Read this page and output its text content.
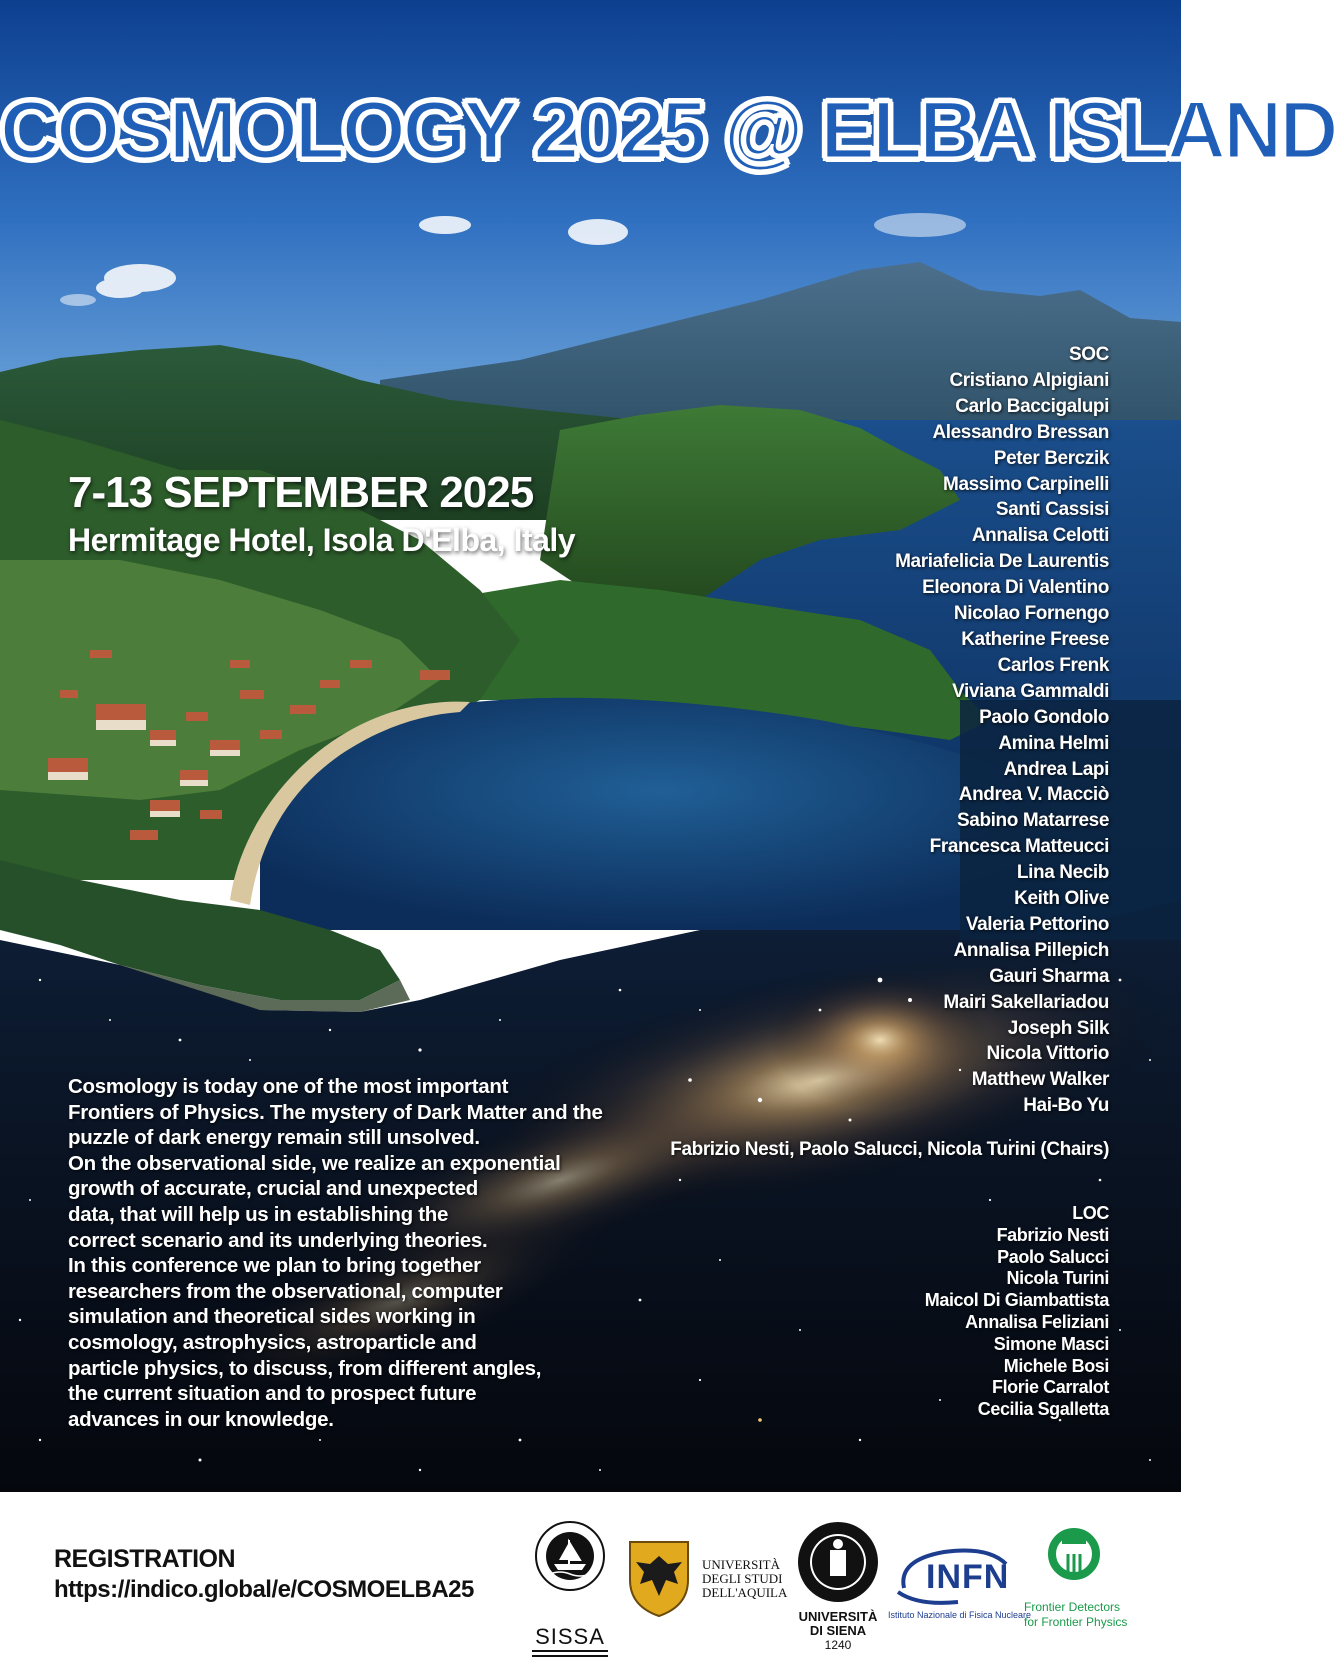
COSMOLOGY 2025 @ ELBA ISLAND
7-13 SEPTEMBER 2025
Hermitage Hotel, Isola D'Elba, Italy
Cosmology is today one of the most important
Frontiers of Physics. The mystery of Dark Matter and the
puzzle of dark energy remain still unsolved.
On the observational side, we realize an exponential
growth of accurate, crucial and unexpected
data, that will help us in establishing the
correct scenario and its underlying theories.
In this conference we plan to bring together
researchers from the observational, computer
simulation and theoretical sides working in
cosmology, astrophysics, astroparticle and
particle physics, to discuss, from different angles,
the current situation and to prospect future
advances in our knowledge.
SOC
Cristiano Alpigiani
Carlo Baccigalupi
Alessandro Bressan
Peter Berczik
Massimo Carpinelli
Santi Cassisi
Annalisa Celotti
Mariafelicia De Laurentis
Eleonora Di Valentino
Nicolao Fornengo
Katherine Freese
Carlos Frenk
Viviana Gammaldi
Paolo Gondolo
Amina Helmi
Andrea Lapi
Andrea V. Macciò
Sabino Matarrese
Francesca Matteucci
Lina Necib
Keith Olive
Valeria Pettorino
Annalisa Pillepich
Gauri Sharma
Mairi Sakellariadou
Joseph Silk
Nicola Vittorio
Matthew Walker
Hai-Bo Yu
Fabrizio Nesti, Paolo Salucci, Nicola Turini (Chairs)
LOC
Fabrizio Nesti
Paolo Salucci
Nicola Turini
Maicol Di Giambattista
Annalisa Feliziani
Simone Masci
Michele Bosi
Florie Carralot
Cecilia Sgalletta
REGISTRATION
https://indico.global/e/COSMOELBA25
SISSA
UNIVERSITÀ
DEGLI STUDI
DELL'AQUILA
UNIVERSITÀ
DI SIENA
1240
INFN
Istituto Nazionale di Fisica Nucleare
Frontier Detectors
for Frontier Physics
